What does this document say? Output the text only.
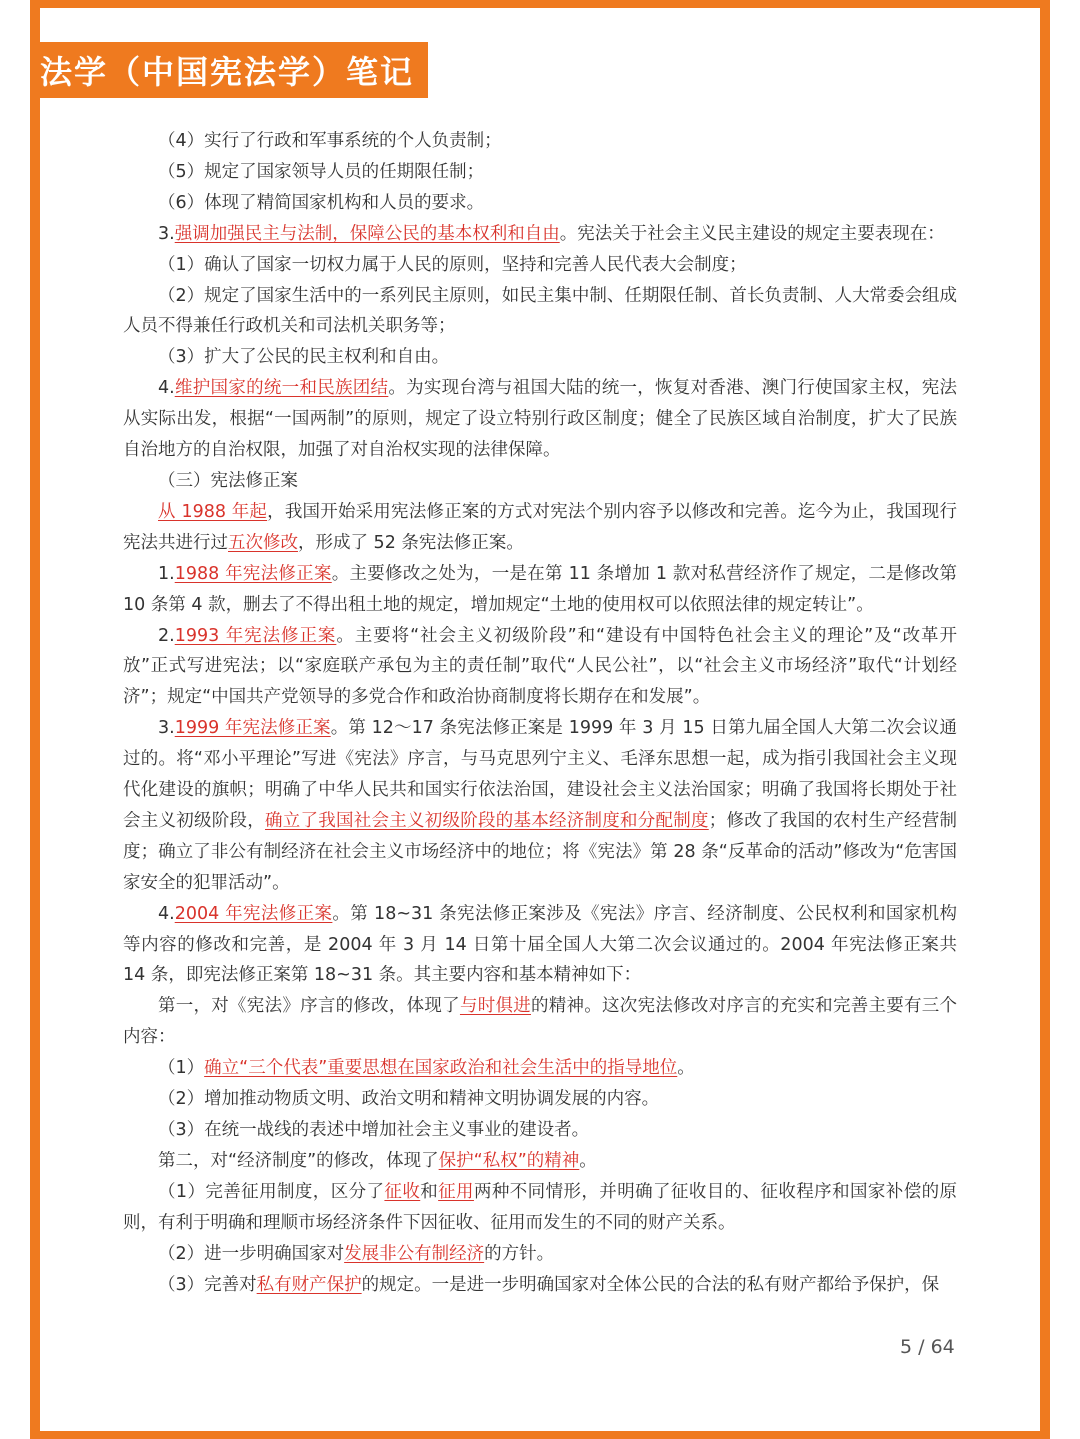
法学（中国宪法学）笔记

（4）实行了行政和军事系统的个人负责制；

（5）规定了国家领导人员的任期限任制；

（6）体现了精简国家机构和人员的要求。

3.强调加强民主与法制，保障公民的基本权利和自由。宪法关于社会主义民主建设的规定主要表现在：

（1）确认了国家一切权力属于人民的原则，坚持和完善人民代表大会制度；

（2）规定了国家生活中的一系列民主原则，如民主集中制、任期限任制、首长负责制、人大常委会组成人员不得兼任行政机关和司法机关职务等；

（3）扩大了公民的民主权利和自由。

4.维护国家的统一和民族团结。为实现台湾与祖国大陆的统一，恢复对香港、澳门行使国家主权，宪法从实际出发，根据“一国两制”的原则，规定了设立特别行政区制度；健全了民族区域自治制度，扩大了民族自治地方的自治权限，加强了对自治权实现的法律保障。

（三）宪法修正案

从 1988 年起，我国开始采用宪法修正案的方式对宪法个别内容予以修改和完善。迄今为止，我国现行宪法共进行过五次修改，形成了 52 条宪法修正案。

1.1988 年宪法修正案。主要修改之处为，一是在第 11 条增加 1 款对私营经济作了规定，二是修改第 10 条第 4 款，删去了不得出租土地的规定，增加规定“土地的使用权可以依照法律的规定转让”。

2.1993 年宪法修正案。主要将“社会主义初级阶段”和“建设有中国特色社会主义的理论”及“改革开放”正式写进宪法；以“家庭联产承包为主的责任制”取代“人民公社”，以“社会主义市场经济”取代“计划经济”；规定“中国共产党领导的多党合作和政治协商制度将长期存在和发展”。

3.1999 年宪法修正案。第 12～17 条宪法修正案是 1999 年 3 月 15 日第九届全国人大第二次会议通过的。将“邓小平理论”写进《宪法》序言，与马克思列宁主义、毛泽东思想一起，成为指引我国社会主义现代化建设的旗帜；明确了中华人民共和国实行依法治国，建设社会主义法治国家；明确了我国将长期处于社会主义初级阶段，确立了我国社会主义初级阶段的基本经济制度和分配制度；修改了我国的农村生产经营制度；确立了非公有制经济在社会主义市场经济中的地位；将《宪法》第 28 条“反革命的活动”修改为“危害国家安全的犯罪活动”。

4.2004 年宪法修正案。第 18~31 条宪法修正案涉及《宪法》序言、经济制度、公民权利和国家机构等内容的修改和完善，是 2004 年 3 月 14 日第十届全国人大第二次会议通过的。2004 年宪法修正案共 14 条，即宪法修正案第 18~31 条。其主要内容和基本精神如下：

第一，对《宪法》序言的修改，体现了与时俱进的精神。这次宪法修改对序言的充实和完善主要有三个内容：

（1）确立“三个代表”重要思想在国家政治和社会生活中的指导地位。

（2）增加推动物质文明、政治文明和精神文明协调发展的内容。

（3）在统一战线的表述中增加社会主义事业的建设者。

第二，对“经济制度”的修改，体现了保护“私权”的精神。

（1）完善征用制度，区分了征收和征用两种不同情形，并明确了征收目的、征收程序和国家补偿的原则，有利于明确和理顺市场经济条件下因征收、征用而发生的不同的财产关系。

（2）进一步明确国家对发展非公有制经济的方针。

（3）完善对私有财产保护的规定。一是进一步明确国家对全体公民的合法的私有财产都给予保护，保

5 / 64
